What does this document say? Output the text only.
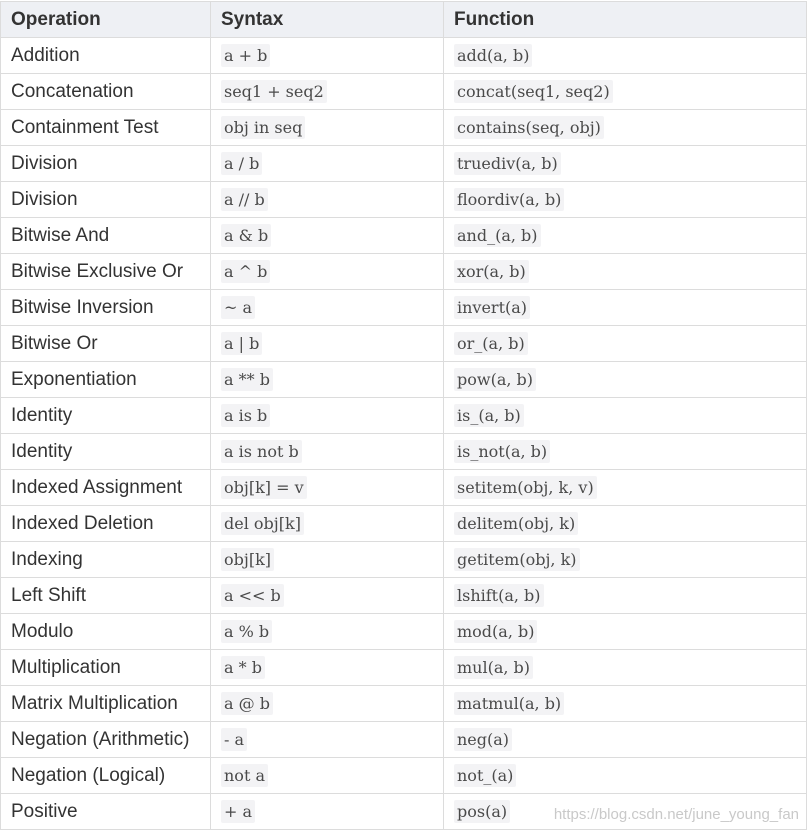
Operation	Syntax	Function
Addition	a + b	add(a, b)
Concatenation	seq1 + seq2	concat(seq1, seq2)
Containment Test	obj in seq	contains(seq, obj)
Division	a / b	truediv(a, b)
Division	a // b	floordiv(a, b)
Bitwise And	a & b	and_(a, b)
Bitwise Exclusive Or	a ^ b	xor(a, b)
Bitwise Inversion	~ a	invert(a)
Bitwise Or	a | b	or_(a, b)
Exponentiation	a ** b	pow(a, b)
Identity	a is b	is_(a, b)
Identity	a is not b	is_not(a, b)
Indexed Assignment	obj[k] = v	setitem(obj, k, v)
Indexed Deletion	del obj[k]	delitem(obj, k)
Indexing	obj[k]	getitem(obj, k)
Left Shift	a << b	lshift(a, b)
Modulo	a % b	mod(a, b)
Multiplication	a * b	mul(a, b)
Matrix Multiplication	a @ b	matmul(a, b)
Negation (Arithmetic)	- a	neg(a)
Negation (Logical)	not a	not_(a)
Positive	+ a	pos(a)	https://blog.csdn.net/june_young_fan
